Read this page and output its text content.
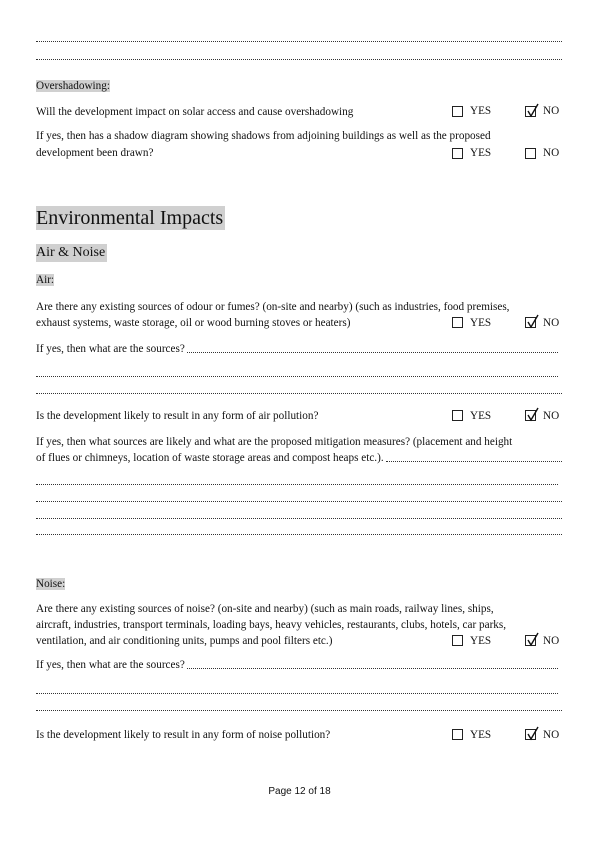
Overshadowing:
Will the development impact on solar access and cause overshadowing	YES	NO
If yes, then has a shadow diagram showing shadows from adjoining buildings as well as the proposed
development been drawn?	YES	NO
Environmental Impacts
Air & Noise
Air:
Are there any existing sources of odour or fumes? (on-site and nearby) (such as industries, food premises,
exhaust systems, waste storage, oil or wood burning stoves or heaters)	YES	NO
If yes, then what are the sources?
Is the development likely to result in any form of air pollution?	YES	NO
If yes, then what sources are likely and what are the proposed mitigation measures? (placement and height
of flues or chimneys, location of waste storage areas and compost heaps etc.).
Noise:
Are there any existing sources of noise? (on-site and nearby) (such as main roads, railway lines, ships,
aircraft, industries, transport terminals, loading bays, heavy vehicles, restaurants, clubs, hotels, car parks,
ventilation, and air conditioning units, pumps and pool filters etc.)	YES	NO
If yes, then what are the sources?
Is the development likely to result in any form of noise pollution?	YES	NO
Page 12 of 18
